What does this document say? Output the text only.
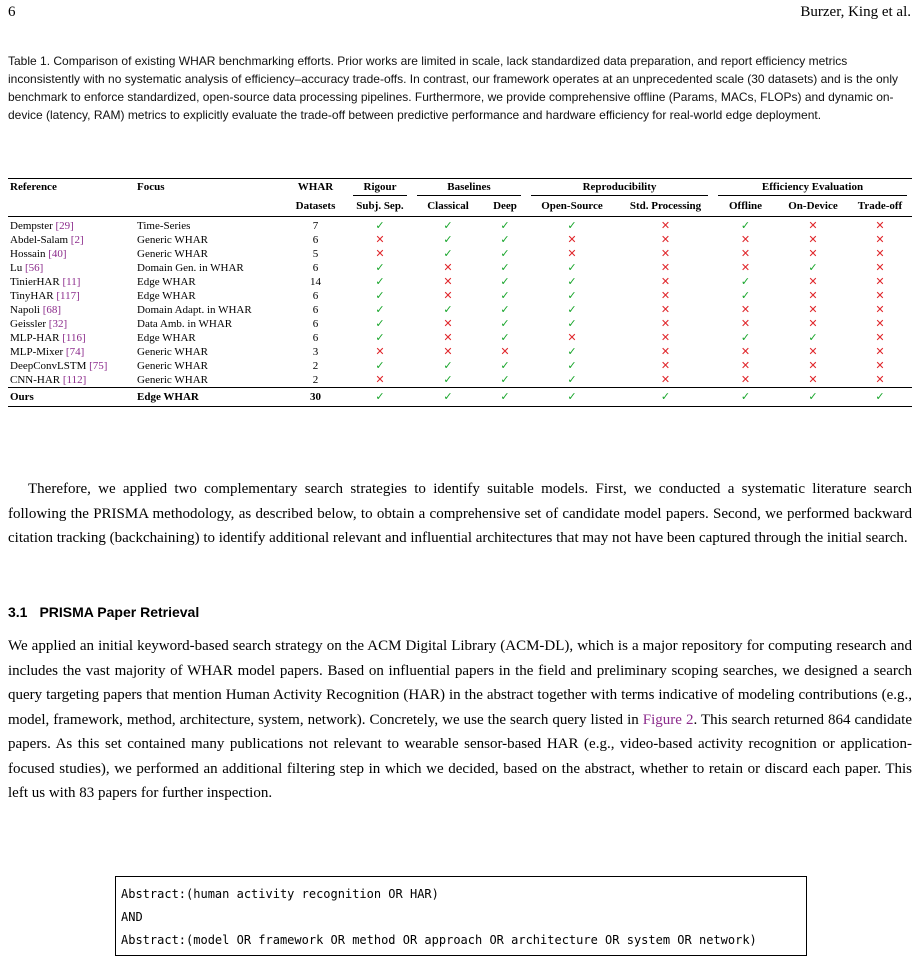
6	Burzer, King et al.
Table 1. Comparison of existing WHAR benchmarking efforts. Prior works are limited in scale, lack standardized data preparation, and report efficiency metrics inconsistently with no systematic analysis of efficiency–accuracy trade-offs. In contrast, our framework operates at an unprecedented scale (30 datasets) and is the only benchmark to enforce standardized, open-source data processing pipelines. Furthermore, we provide comprehensive offline (Params, MACs, FLOPs) and dynamic on-device (latency, RAM) metrics to explicitly evaluate the trade-off between predictive performance and hardware efficiency for real-world edge deployment.
Reference	Focus	WHAR	Rigour	Baselines		Reproducibility		Efficiency Evaluation		

		Datasets	Subj. Sep.	Classical	Deep	Open-Source	Std. Processing	Offline	On-Device	Trade-off
Dempster [29]	Time-Series	7	✓	✓	✓	✓	✕	✓	✕	✕
Abdel-Salam [2]	Generic WHAR	6	✕	✓	✓	✕	✕	✕	✕	✕
Hossain [40]	Generic WHAR	5	✕	✓	✓	✕	✕	✕	✕	✕
Lu [56]	Domain Gen. in WHAR	6	✓	✕	✓	✓	✕	✕	✓	✕
TinierHAR [11]	Edge WHAR	14	✓	✕	✓	✓	✕	✓	✕	✕
TinyHAR [117]	Edge WHAR	6	✓	✕	✓	✓	✕	✓	✕	✕
Napoli [68]	Domain Adapt. in WHAR	6	✓	✓	✓	✓	✕	✕	✕	✕
Geissler [32]	Data Amb. in WHAR	6	✓	✕	✓	✓	✕	✕	✕	✕
MLP-HAR [116]	Edge WHAR	6	✓	✕	✓	✕	✕	✓	✓	✕
MLP-Mixer [74]	Generic WHAR	3	✕	✕	✕	✓	✕	✕	✕	✕
DeepConvLSTM [75]	Generic WHAR	2	✓	✓	✓	✓	✕	✕	✕	✕
CNN-HAR [112]	Generic WHAR	2	✕	✓	✓	✓	✕	✕	✕	✕
Ours	Edge WHAR	30	✓	✓	✓	✓	✓	✓	✓	✓
Therefore, we applied two complementary search strategies to identify suitable models. First, we conducted a systematic literature search following the PRISMA methodology, as described below, to obtain a comprehensive set of candidate model papers. Second, we performed backward citation tracking (backchaining) to identify additional relevant and influential architectures that may not have been captured through the initial search.
3.1 PRISMA Paper Retrieval
We applied an initial keyword-based search strategy on the ACM Digital Library (ACM-DL), which is a major repository for computing research and includes the vast majority of WHAR model papers. Based on influential papers in the field and preliminary scoping searches, we designed a search query targeting papers that mention Human Activity Recognition (HAR) in the abstract together with terms indicative of modeling contributions (e.g., model, framework, method, architecture, system, network). Concretely, we use the search query listed in Figure 2. This search returned 864 candidate papers. As this set contained many publications not relevant to wearable sensor-based HAR (e.g., video-based activity recognition or application-focused studies), we performed an additional filtering step in which we decided, based on the abstract, whether to retain or discard each paper. This left us with 83 papers for further inspection.
Abstract:(human activity recognition OR HAR)
AND
Abstract:(model OR framework OR method OR approach OR architecture OR system OR network)
